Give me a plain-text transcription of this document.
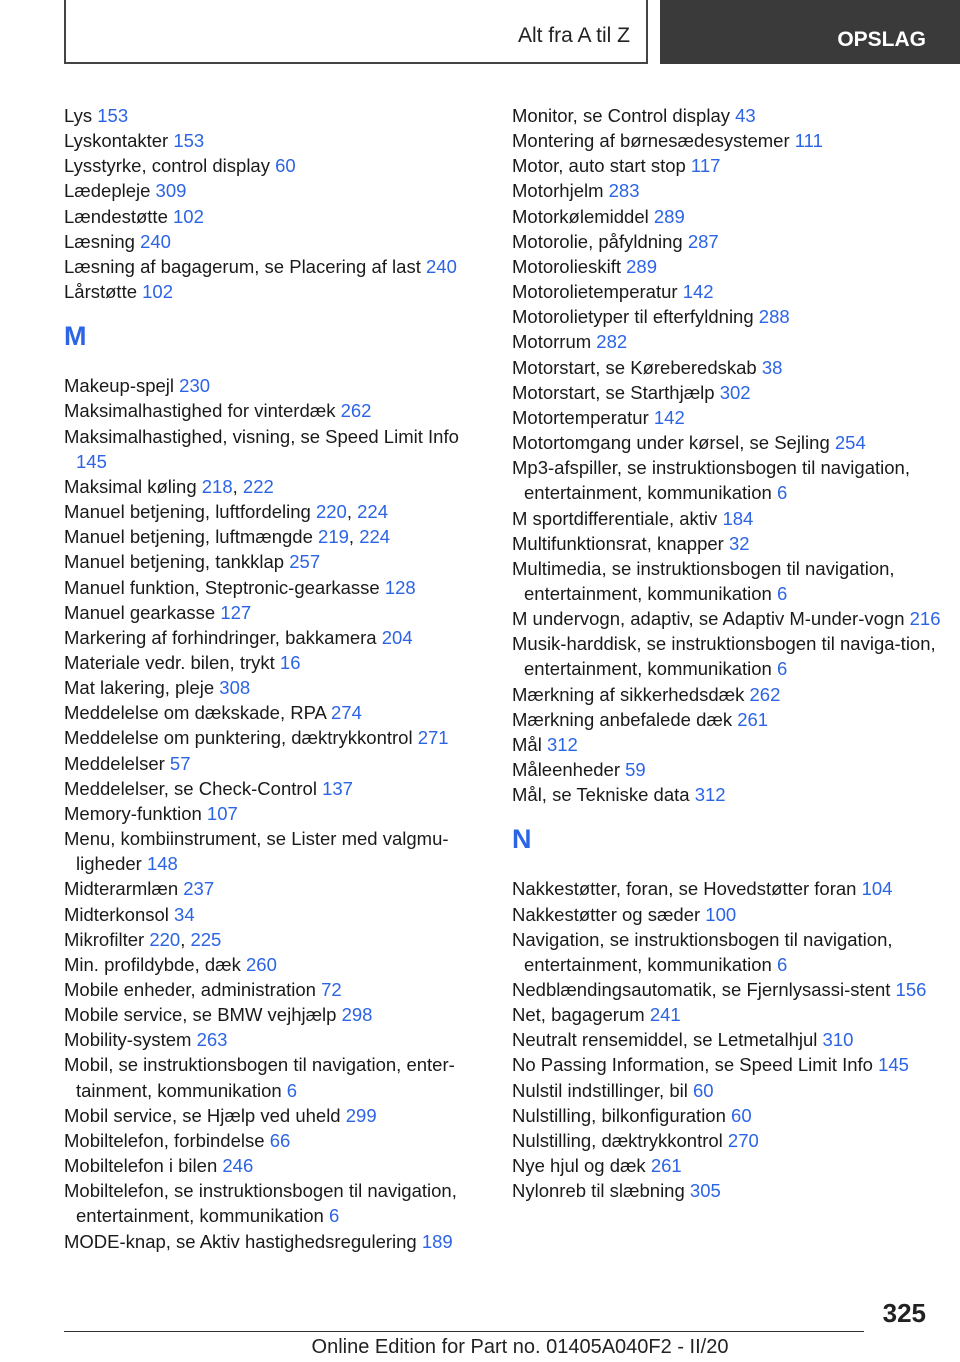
Alt fra A til Z	OPSLAG
Lys 153
Lyskontakter 153
Lysstyrke, control display 60
Lædepleje 309
Lændestøtte 102
Læsning 240
Læsning af bagagerum, se Placering af last 240
Lårstøtte 102
M
Makeup-spejl 230
Maksimalhastighed for vinterdæk 262
Maksimalhastighed, visning, se Speed Limit Info 145
Maksimal køling 218, 222
Manuel betjening, luftfordeling 220, 224
Manuel betjening, luftmængde 219, 224
Manuel betjening, tankklap 257
Manuel funktion, Steptronic-gearkasse 128
Manuel gearkasse 127
Markering af forhindringer, bakkamera 204
Materiale vedr. bilen, trykt 16
Mat lakering, pleje 308
Meddelelse om dækskade, RPA 274
Meddelelse om punktering, dæktrykkontrol 271
Meddelelser 57
Meddelelser, se Check-Control 137
Memory-funktion 107
Menu, kombiinstrument, se Lister med valgmu-ligheder 148
Midterarmlæn 237
Midterkonsol 34
Mikrofilter 220, 225
Min. profildybde, dæk 260
Mobile enheder, administration 72
Mobile service, se BMW vejhjælp 298
Mobility-system 263
Mobil, se instruktionsbogen til navigation, enter-tainment, kommunikation 6
Mobil service, se Hjælp ved uheld 299
Mobiltelefon, forbindelse 66
Mobiltelefon i bilen 246
Mobiltelefon, se instruktionsbogen til navigation, entertainment, kommunikation 6
MODE-knap, se Aktiv hastighedsregulering 189
Monitor, se Control display 43
Montering af børnesædesystemer 111
Motor, auto start stop 117
Motorhjelm 283
Motorkølemiddel 289
Motorolie, påfyldning 287
Motorolieskift 289
Motorolietemperatur 142
Motorolietyper til efterfyldning 288
Motorrum 282
Motorstart, se Køreberedskab 38
Motorstart, se Starthjælp 302
Motortemperatur 142
Motortomgang under kørsel, se Sejling 254
Mp3-afspiller, se instruktionsbogen til navigation, entertainment, kommunikation 6
M sportdifferentiale, aktiv 184
Multifunktionsrat, knapper 32
Multimedia, se instruktionsbogen til navigation, entertainment, kommunikation 6
M undervogn, adaptiv, se Adaptiv M-under-vogn 216
Musik-harddisk, se instruktionsbogen til naviga-tion, entertainment, kommunikation 6
Mærkning af sikkerhedsdæk 262
Mærkning anbefalede dæk 261
Mål 312
Måleenheder 59
Mål, se Tekniske data 312
N
Nakkestøtter, foran, se Hovedstøtter foran 104
Nakkestøtter og sæder 100
Navigation, se instruktionsbogen til navigation, entertainment, kommunikation 6
Nedblændingsautomatik, se Fjernlysassi-stent 156
Net, bagagerum 241
Neutralt rensemiddel, se Letmetalhjul 310
No Passing Information, se Speed Limit Info 145
Nulstil indstillinger, bil 60
Nulstilling, bilkonfiguration 60
Nulstilling, dæktrykkontrol 270
Nye hjul og dæk 261
Nylonreb til slæbning 305
325
Online Edition for Part no. 01405A040F2 - II/20
